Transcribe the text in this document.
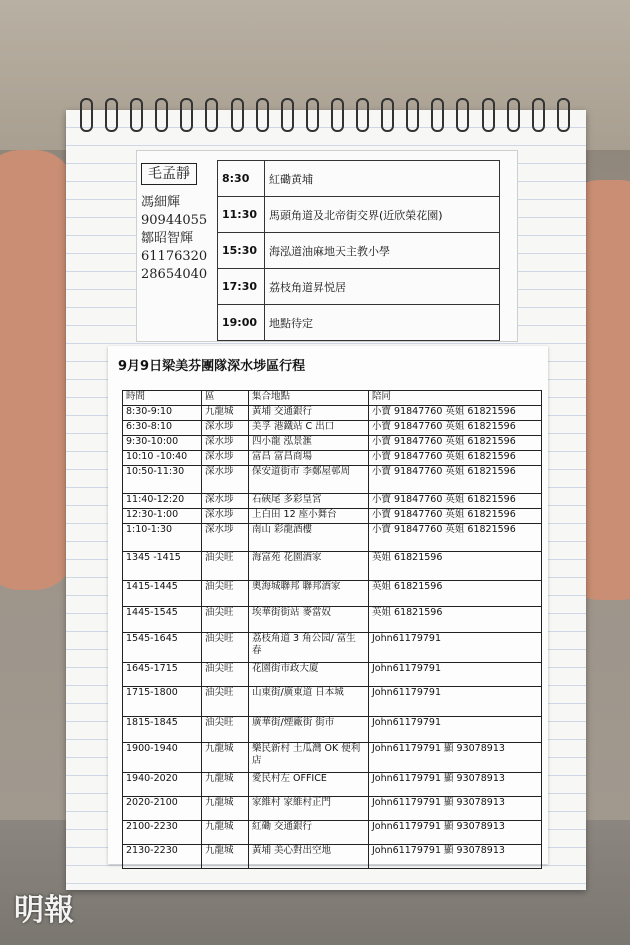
毛孟靜
馮細輝
90944055
鄒昭智輝
61176320
28654040
8:30	紅磡黄埔
11:30	馬頭角道及北帝街交界(近欣榮花園)
15:30	海泓道油麻地天主教小學
17:30	荔枝角道昇悦居
19:00	地點待定
9月9日梁美芬團隊深水埗區行程
時間	區	集合地點	陪同
8:30-9:10	九龍城	黃埔 交通銀行	小寶 91847760 英姐 61821596
6:30-8:10	深水埗	美孚 港鐵站 C 出口	小寶 91847760 英姐 61821596
9:30-10:00	深水埗	四小龍 泓景滙	小寶 91847760 英姐 61821596
10:10 -10:40	深水埗	富昌 富昌商場	小寶 91847760 英姐 61821596
10:50-11:30	深水埗	保安道街市 李鄭屋邨周	小寶 91847760 英姐 61821596
11:40-12:20	深水埗	石硤尾 多彩皇宮	小寶 91847760 英姐 61821596
12:30-1:00	深水埗	上白田 12 座小舞台	小寶 91847760 英姐 61821596
1:10-1:30	深水埗	南山 彩龍酒樓	小寶 91847760 英姐 61821596
1345 -1415	油尖旺	海富苑 花園酒家	英姐 61821596
1415-1445	油尖旺	奧海城聯邦 聯邦酒家	英姐 61821596
1445-1545	油尖旺	埃華街街站 麥當奴	英姐 61821596
1545-1645	油尖旺	荔枝角道 3 角公园/ 富生春	John61179791
1645-1715	油尖旺	花園街市政大廈	John61179791
1715-1800	油尖旺	山東街/廣東道 日本城	John61179791
1815-1845	油尖旺	廣華街/煙廠街 街市	John61179791
1900-1940	九龍城	樂民新村 土瓜灣 OK 便利店	John61179791 顯 93078913
1940-2020	九龍城	愛民村左 OFFICE	John61179791 顯 93078913
2020-2100	九龍城	家維村 家維村正門	John61179791 顯 93078913
2100-2230	九龍城	紅磡 交通銀行	John61179791 顯 93078913
2130-2230	九龍城	黃埔 美心對出空地	John61179791 顯 93078913
明報
